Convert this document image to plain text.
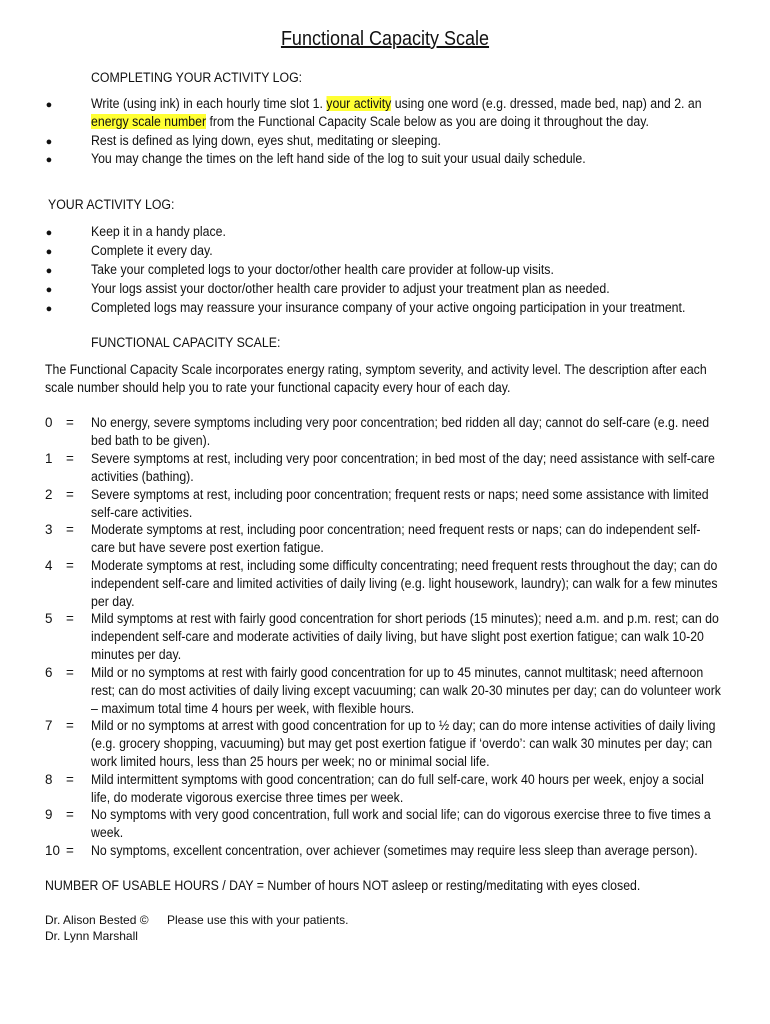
Functional Capacity Scale
COMPLETING YOUR ACTIVITY LOG:
●	Write (using ink) in each hourly time slot 1. your activity using one word (e.g. dressed, made bed, nap) and 2. an
energy scale number from the Functional Capacity Scale below as you are doing it throughout the day.
●	Rest is defined as lying down, eyes shut, meditating or sleeping.
●	You may change the times on the left hand side of the log to suit your usual daily schedule.
YOUR ACTIVITY LOG:
●	Keep it in a handy place.
●	Complete it every day.
●	Take your completed logs to your doctor/other health care provider at follow-up visits.
●	Your logs assist your doctor/other health care provider to adjust your treatment plan as needed.
●	Completed logs may reassure your insurance company of your active ongoing participation in your treatment.
FUNCTIONAL CAPACITY SCALE:
The Functional Capacity Scale incorporates energy rating, symptom severity, and activity level. The description after each
scale number should help you to rate your functional capacity every hour of each day.
0	= No energy, severe symptoms including very poor concentration; bed ridden all day; cannot do self-care (e.g. need
bed bath to be given).
1	= Severe symptoms at rest, including very poor concentration; in bed most of the day; need assistance with self-care
activities (bathing).
2	= Severe symptoms at rest, including poor concentration; frequent rests or naps; need some assistance with limited
self-care activities.
3	= Moderate symptoms at rest, including poor concentration; need frequent rests or naps; can do independent self-
care but have severe post exertion fatigue.
4	= Moderate symptoms at rest, including some difficulty concentrating; need frequent rests throughout the day; can do
independent self-care and limited activities of daily living (e.g. light housework, laundry); can walk for a few minutes
per day.
5	= Mild symptoms at rest with fairly good concentration for short periods (15 minutes); need a.m. and p.m. rest; can do
independent self-care and moderate activities of daily living, but have slight post exertion fatigue; can walk 10-20
minutes per day.
6	= Mild or no symptoms at rest with fairly good concentration for up to 45 minutes, cannot multitask; need afternoon
rest; can do most activities of daily living except vacuuming; can walk 20-30 minutes per day; can do volunteer work
– maximum total time 4 hours per week, with flexible hours.
7	= Mild or no symptoms at arrest with good concentration for up to ½ day; can do more intense activities of daily living
(e.g. grocery shopping, vacuuming) but may get post exertion fatigue if ‘overdo’: can walk 30 minutes per day; can
work limited hours, less than 25 hours per week; no or minimal social life.
8	= Mild intermittent symptoms with good concentration; can do full self-care, work 40 hours per week, enjoy a social
life, do moderate vigorous exercise three times per week.
9	= No symptoms with very good concentration, full work and social life; can do vigorous exercise three to five times a
week.
10 = No symptoms, excellent concentration, over achiever (sometimes may require less sleep than average person).
NUMBER OF USABLE HOURS / DAY = Number of hours NOT asleep or resting/meditating with eyes closed.
Dr. Alison Bested © Please use this with your patients.
Dr. Lynn Marshall
